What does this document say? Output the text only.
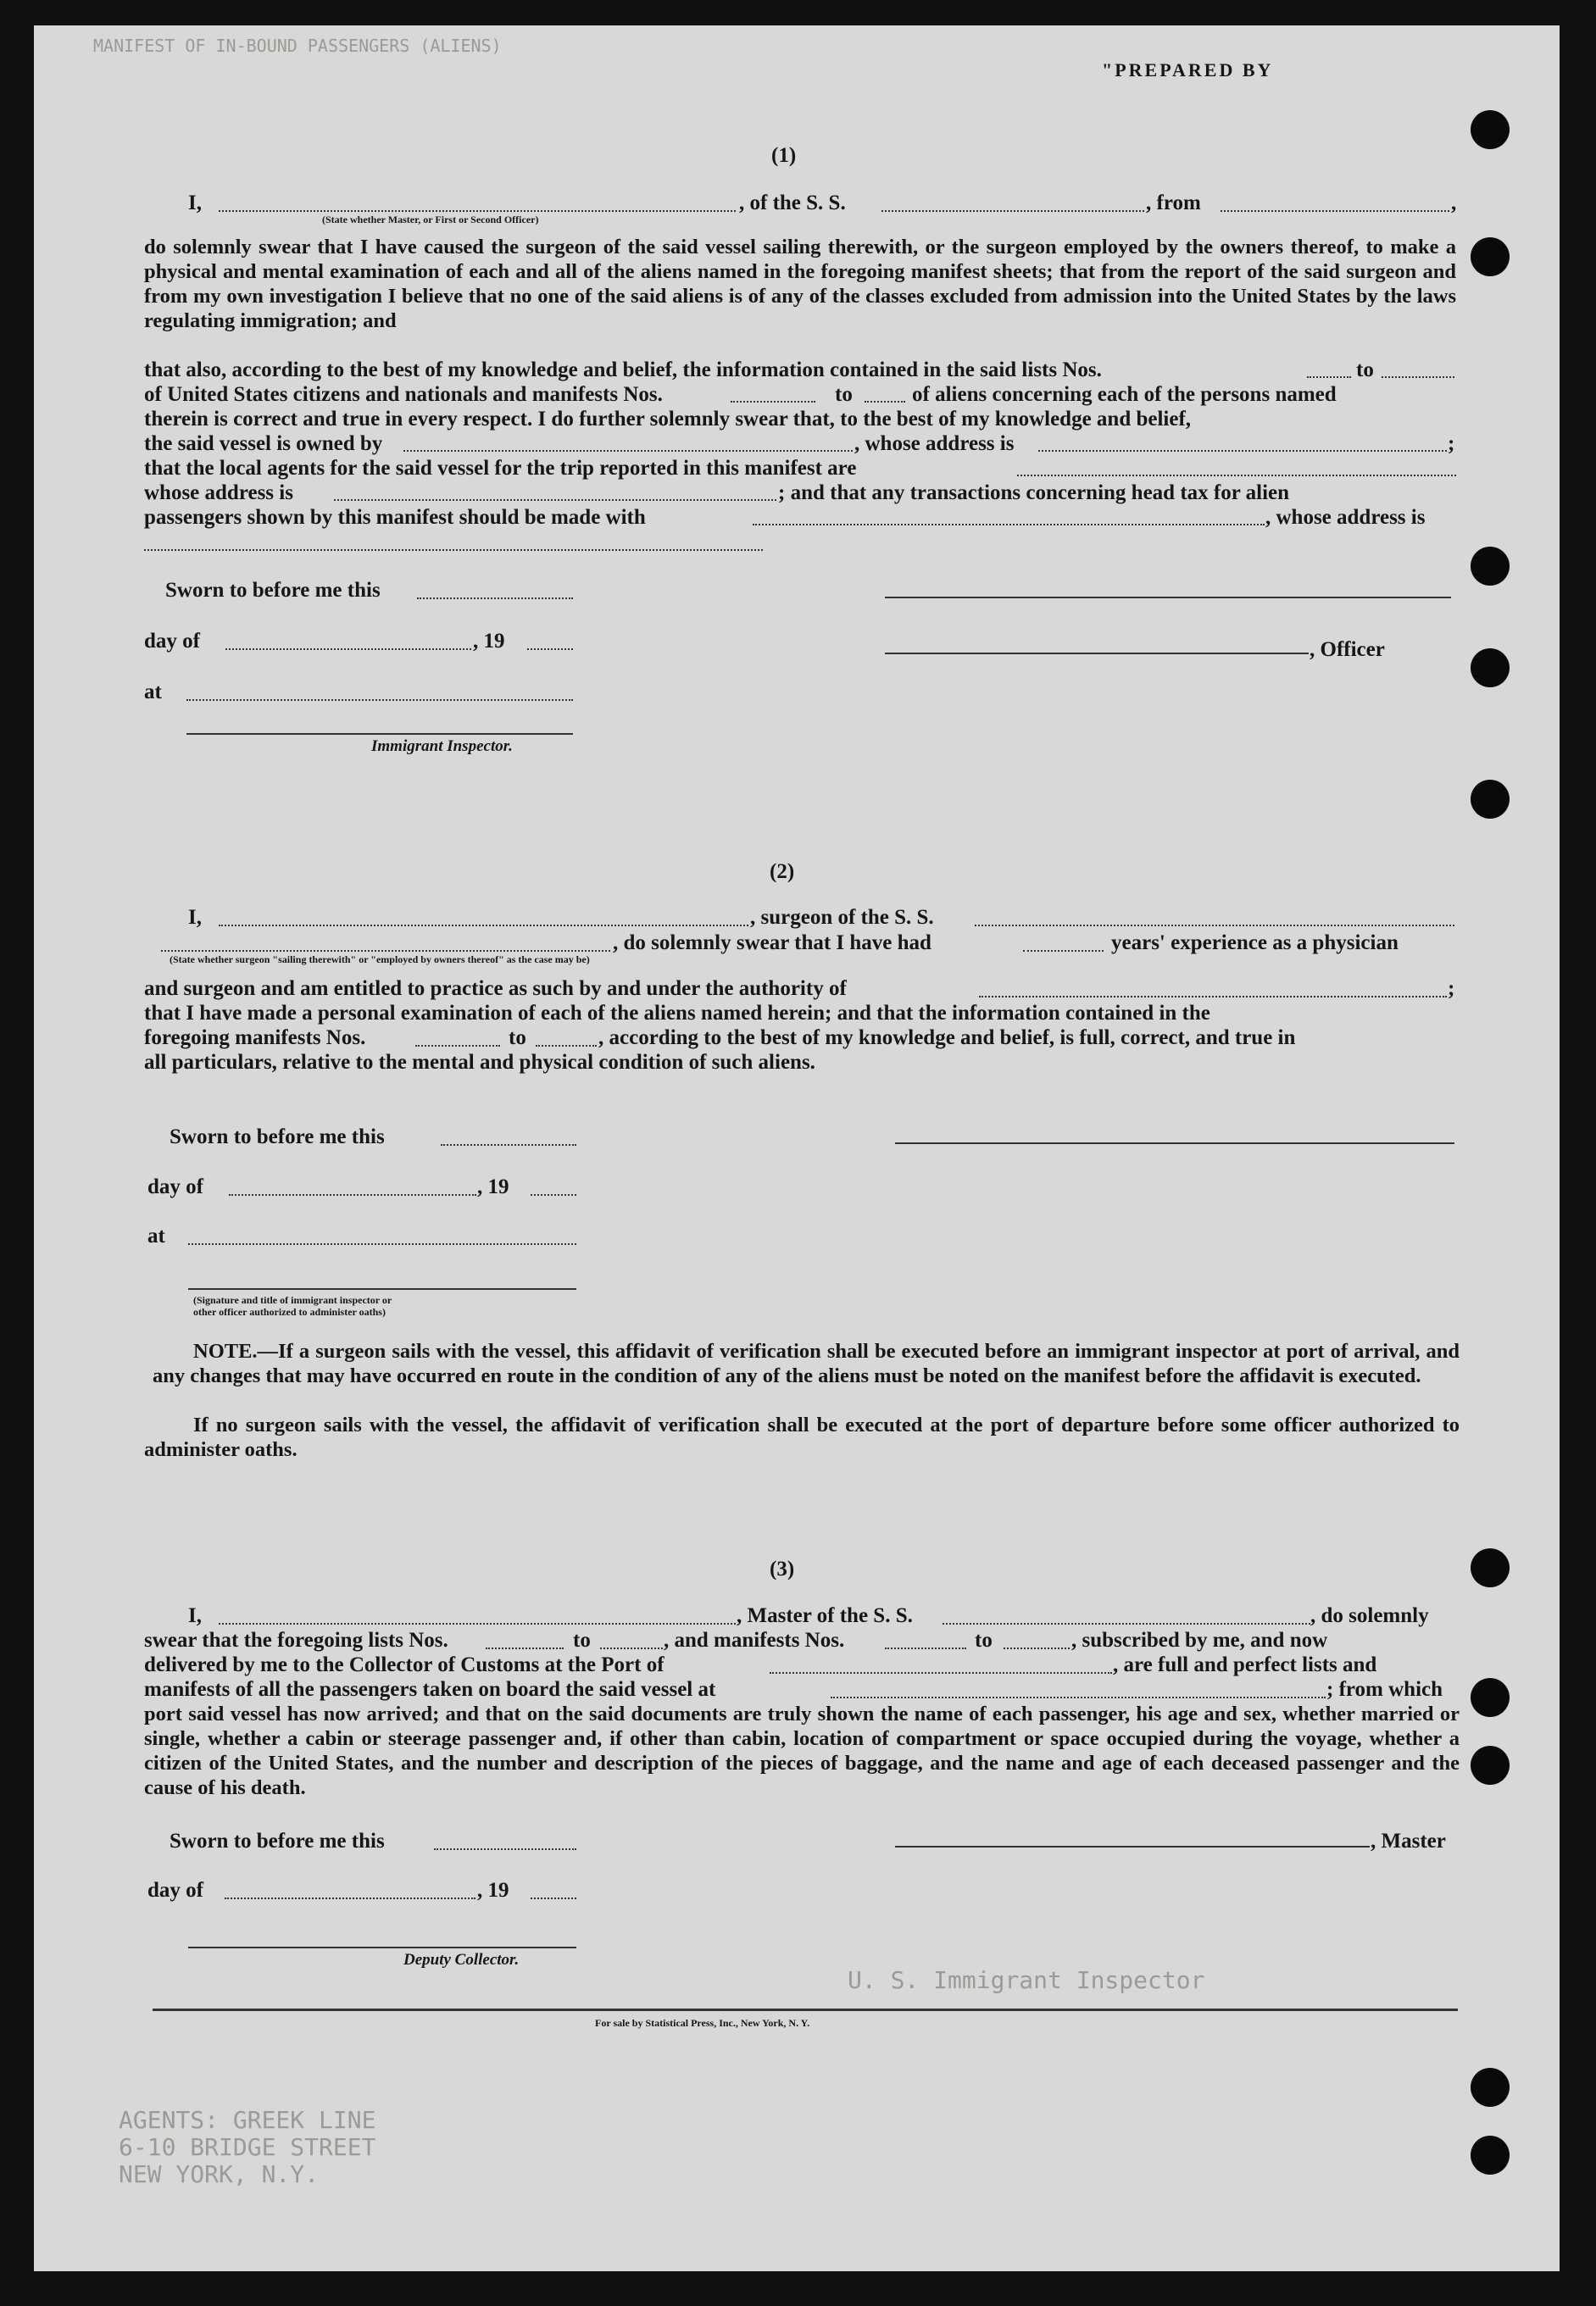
MANIFEST OF IN-BOUND PASSENGERS (ALIENS)
AGENTS: GREEK LINE
6-10 BRIDGE STREET
NEW YORK, N.Y.
U. S. Immigrant Inspector
"PREPARED BY
(1)
I,	, of the S. S.	, from	,
(State whether Master, or First or Second Officer)
do solemnly swear that I have caused the surgeon of the said vessel sailing therewith, or the surgeon employed by the owners thereof, to make a physical and mental examination of each and all of the aliens named in the foregoing manifest sheets; that from the report of the said surgeon and from my own investigation I believe that no one of the said aliens is of any of the classes excluded from admission into the United States by the laws regulating immigration; and
that also, according to the best of my knowledge and belief, the information contained in the said lists Nos.	to
of United States citizens and nationals and manifests Nos.	to	of aliens concerning each of the persons named
therein is correct and true in every respect. I do further solemnly swear that, to the best of my knowledge and belief,
the said vessel is owned by	, whose address is	;
that the local agents for the said vessel for the trip reported in this manifest are
whose address is	; and that any transactions concerning head tax for alien
passengers shown by this manifest should be made with	, whose address is
Sworn to before me this
day of	, 19	, Officer
at
Immigrant Inspector.
(2)
I,	, surgeon of the S. S.
, do solemnly swear that I have had	years' experience as a physician
(State whether surgeon "sailing therewith" or "employed by owners thereof" as the case may be)
and surgeon and am entitled to practice as such by and under the authority of	;
that I have made a personal examination of each of the aliens named herein; and that the information contained in the
foregoing manifests Nos.	to	, according to the best of my knowledge and belief, is full, correct, and true in
all particulars, relative to the mental and physical condition of such aliens.
Sworn to before me this
day of	, 19
at
(Signature and title of immigrant inspector or
other officer authorized to administer oaths)
NOTE.—If a surgeon sails with the vessel, this affidavit of verification shall be executed before an immigrant inspector at port of arrival, and any changes that may have occurred en route in the condition of any of the aliens must be noted on the manifest before the affidavit is executed.
If no surgeon sails with the vessel, the affidavit of verification shall be executed at the port of departure before some officer authorized to administer oaths.
(3)
I,	, Master of the S. S.	, do solemnly
swear that the foregoing lists Nos.	to	, and manifests Nos.	to	, subscribed by me, and now
delivered by me to the Collector of Customs at the Port of	, are full and perfect lists and
manifests of all the passengers taken on board the said vessel at	; from which
port said vessel has now arrived; and that on the said documents are truly shown the name of each passenger, his age and sex, whether married or single, whether a cabin or steerage passenger and, if other than cabin, location of compartment or space occupied during the voyage, whether a citizen of the United States, and the number and description of the pieces of baggage, and the name and age of each deceased passenger and the cause of his death.
Sworn to before me this	, Master
day of	, 19
Deputy Collector.
For sale by Statistical Press, Inc., New York, N. Y.
